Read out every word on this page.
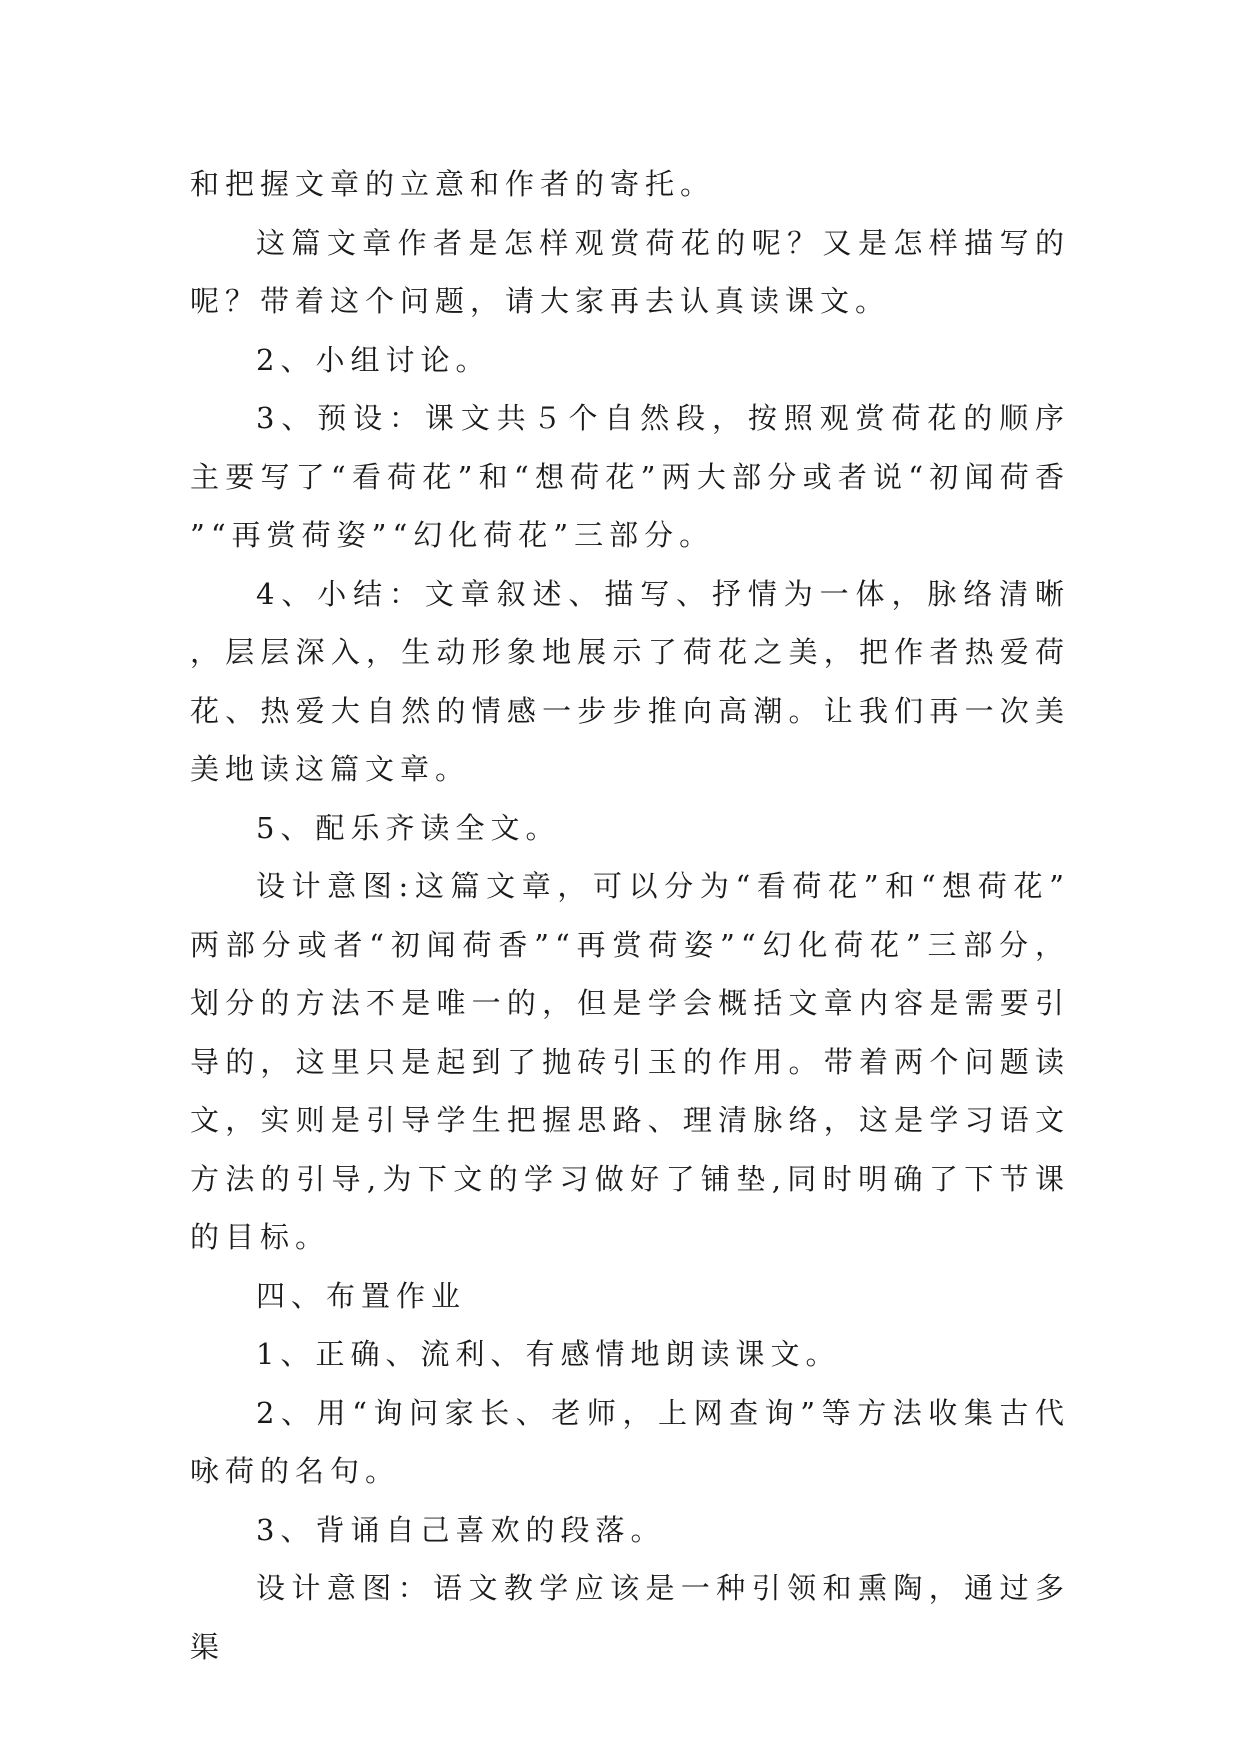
和把握文章的立意和作者的寄托。

这篇文章作者是怎样观赏荷花的呢？又是怎样描写的呢？带着这个问题，请大家再去认真读课文。

2、小组讨论。

3、预设：课文共５个自然段，按照观赏荷花的顺序主要写了“看荷花”和“想荷花”两大部分或者说“初闻荷香”“再赏荷姿”“幻化荷花”三部分。

4、小结：文章叙述、描写、抒情为一体，脉络清晰，层层深入，生动形象地展示了荷花之美，把作者热爱荷花、热爱大自然的情感一步步推向高潮。让我们再一次美美地读这篇文章。

5、配乐齐读全文。

设计意图:这篇文章，可以分为“看荷花”和“想荷花”两部分或者“初闻荷香”“再赏荷姿”“幻化荷花”三部分，划分的方法不是唯一的，但是学会概括文章内容是需要引导的，这里只是起到了抛砖引玉的作用。带着两个问题读文，实则是引导学生把握思路、理清脉络，这是学习语文方法的引导,为下文的学习做好了铺垫,同时明确了下节课的目标。

四、布置作业

1、正确、流利、有感情地朗读课文。

2、用“询问家长、老师，上网查询”等方法收集古代咏荷的名句。

3、背诵自己喜欢的段落。

设计意图：语文教学应该是一种引领和熏陶，通过多渠
